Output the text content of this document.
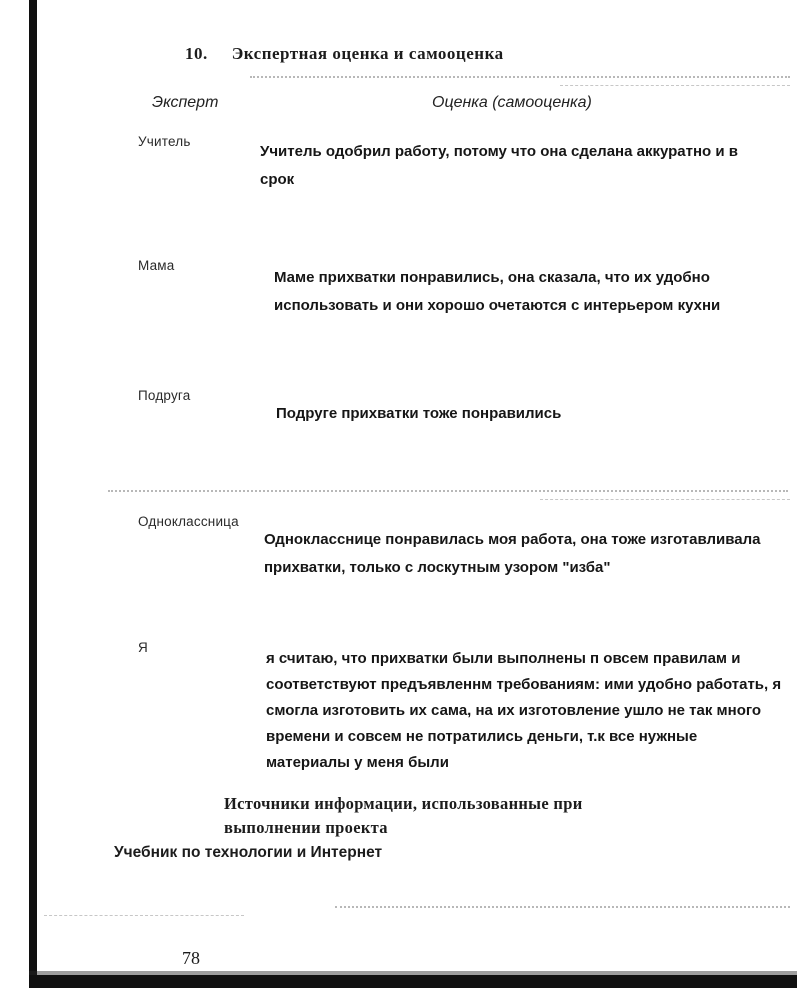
10. Экспертная оценка и самооценка
Эксперт	Оценка (самооценка)
Учитель
Учитель одобрил работу, потому что она сделана аккуратно и в срок
Мама
Маме прихватки понравились, она сказала, что их удобно использовать и они хорошо очетаются с интерьером кухни
Подруга
Подруге прихватки тоже понравились
Одноклассница
Однокласснице понравилась моя работа, она тоже изготавливала прихватки, только с лоскутным узором "изба"
Я
я считаю, что прихватки были выполнены п овсем правилам и соответствуют предъявленнм требованиям: ими удобно работать, я смогла изготовить их сама, на их изготовление ушло не так много времени и совсем не потратились деньги, т.к все нужные материалы у меня были
Источники информации, использованные при выполнении проекта
Учебник по технологии и Интернет
78
